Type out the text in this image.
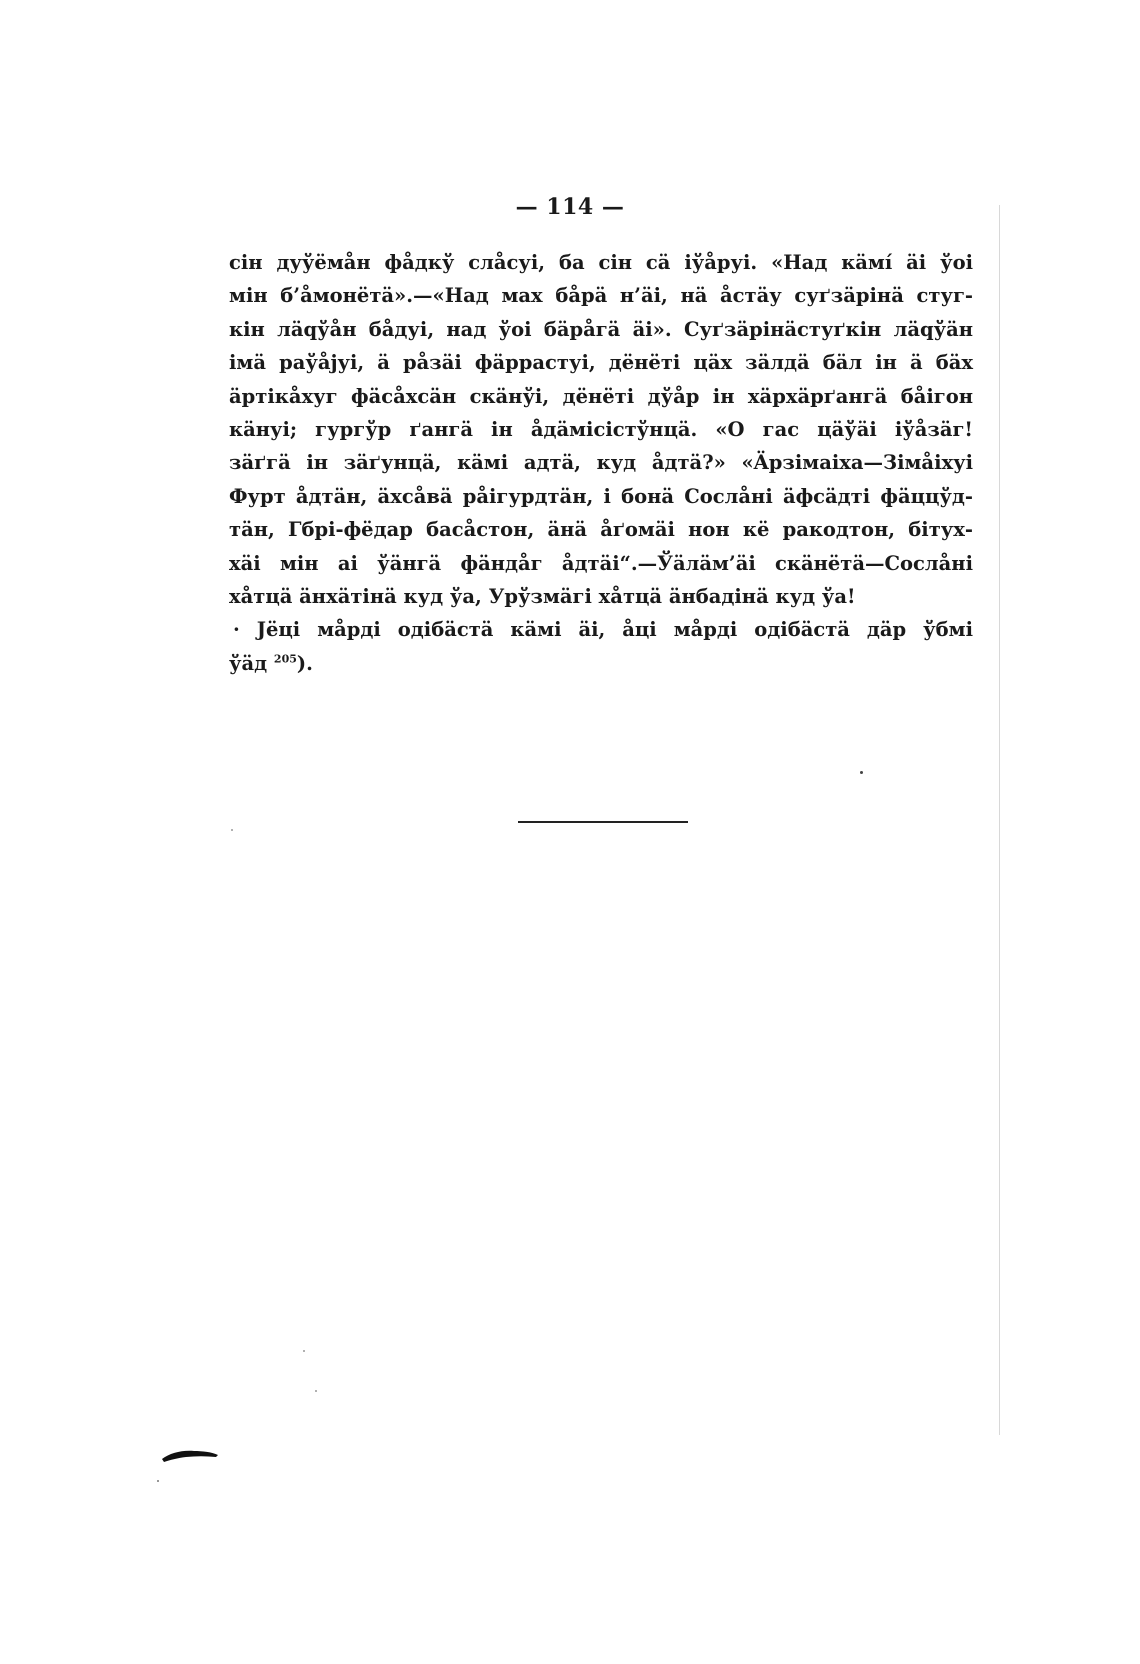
— 114 —
сін дуўёмåн фåдкў слåсуі, ба сін сä іўåруі. «Над кäмі́ äі ўоі
мін б’åмонётä».—«Над мах бåрä н’äі, нä åстäу суґзäрінä стуг-
кін лäqўåн бåдуі, над ўоі бäрåгä äі». Суґзäрінäстуґкін лäqўäн
імä раўåјуі, ä рåзäі фäррастуі, дёнёті цäх зäлдä бäл ін ä бäх
äртікåхуг фäсåхсäн скäнўі, дёнёті дўåр ін хäрхäрґангä бåігон
кäнуі; гургўр ґангä ін åдäмісістўнцä. «О гас цäўäі іўåзäг!
зäґгä ін зäґунцä, кäмі адтä, куд åдтä?» «Äрзімаіха—Зімåіхуі
Фурт åдтäн, äхсåвä рåігурдтäн, і бонä Сослåні äфсäдті фäццўд-
тäн, Гбрі-фёдар басåстон, äнä åґомäі нон кё ракодтон, бітух-
хäі мін аі ўäнгä фäндåг åдтäі“.—Ўäлäм’äі скäнётä—Сослåні
хåтцä äнхäтінä куд ўа, Урўзмäгі хåтцä äнбадінä куд ўа!
· Јёці мåрді одібäстä кäмі äі, åці мåрді одібäстä дäр ўбмі
ўäд $^{205}$).
